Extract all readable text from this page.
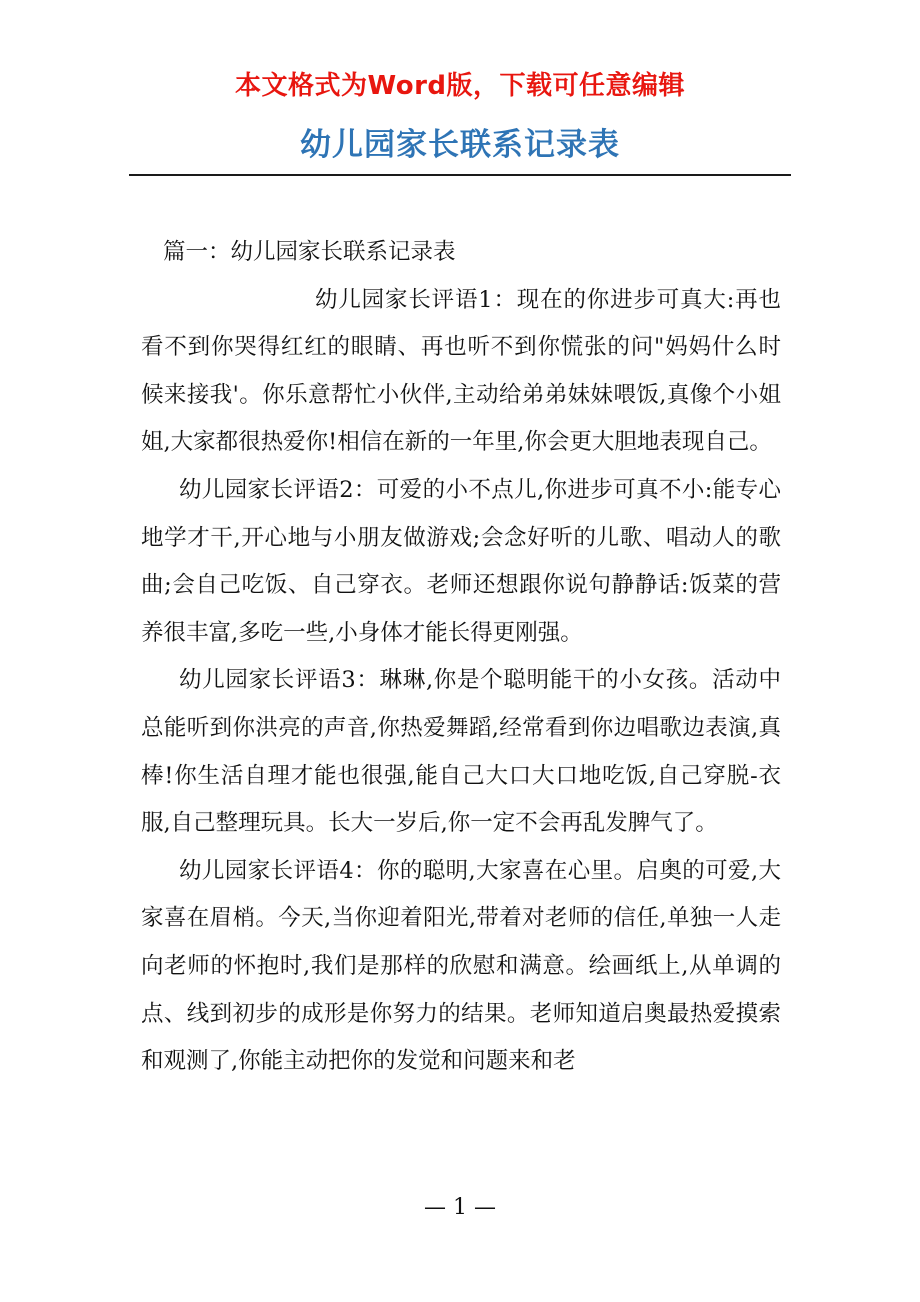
本文格式为Word版，下载可任意编辑
幼儿园家长联系记录表

篇一：幼儿园家长联系记录表

幼儿园家长评语1：现在的你进步可真大:再也看不到你哭得红红的眼睛、再也听不到你慌张的问"妈妈什么时候来接我'。你乐意帮忙小伙伴,主动给弟弟妹妹喂饭,真像个小姐姐,大家都很热爱你!相信在新的一年里,你会更大胆地表现自己。

幼儿园家长评语2：可爱的小不点儿,你进步可真不小:能专心地学才干,开心地与小朋友做游戏;会念好听的儿歌、唱动人的歌曲;会自己吃饭、自己穿衣。老师还想跟你说句静静话:饭菜的营养很丰富,多吃一些,小身体才能长得更刚强。

幼儿园家长评语3：琳琳,你是个聪明能干的小女孩。活动中总能听到你洪亮的声音,你热爱舞蹈,经常看到你边唱歌边表演,真棒!你生活自理才能也很强,能自己大口大口地吃饭,自己穿脱-衣服,自己整理玩具。长大一岁后,你一定不会再乱发脾气了。

幼儿园家长评语4：你的聪明,大家喜在心里。启奥的可爱,大家喜在眉梢。今天,当你迎着阳光,带着对老师的信任,单独一人走向老师的怀抱时,我们是那样的欣慰和满意。绘画纸上,从单调的点、线到初步的成形是你努力的结果。老师知道启奥最热爱摸索和观测了,你能主动把你的发觉和问题来和老

— 1 —
